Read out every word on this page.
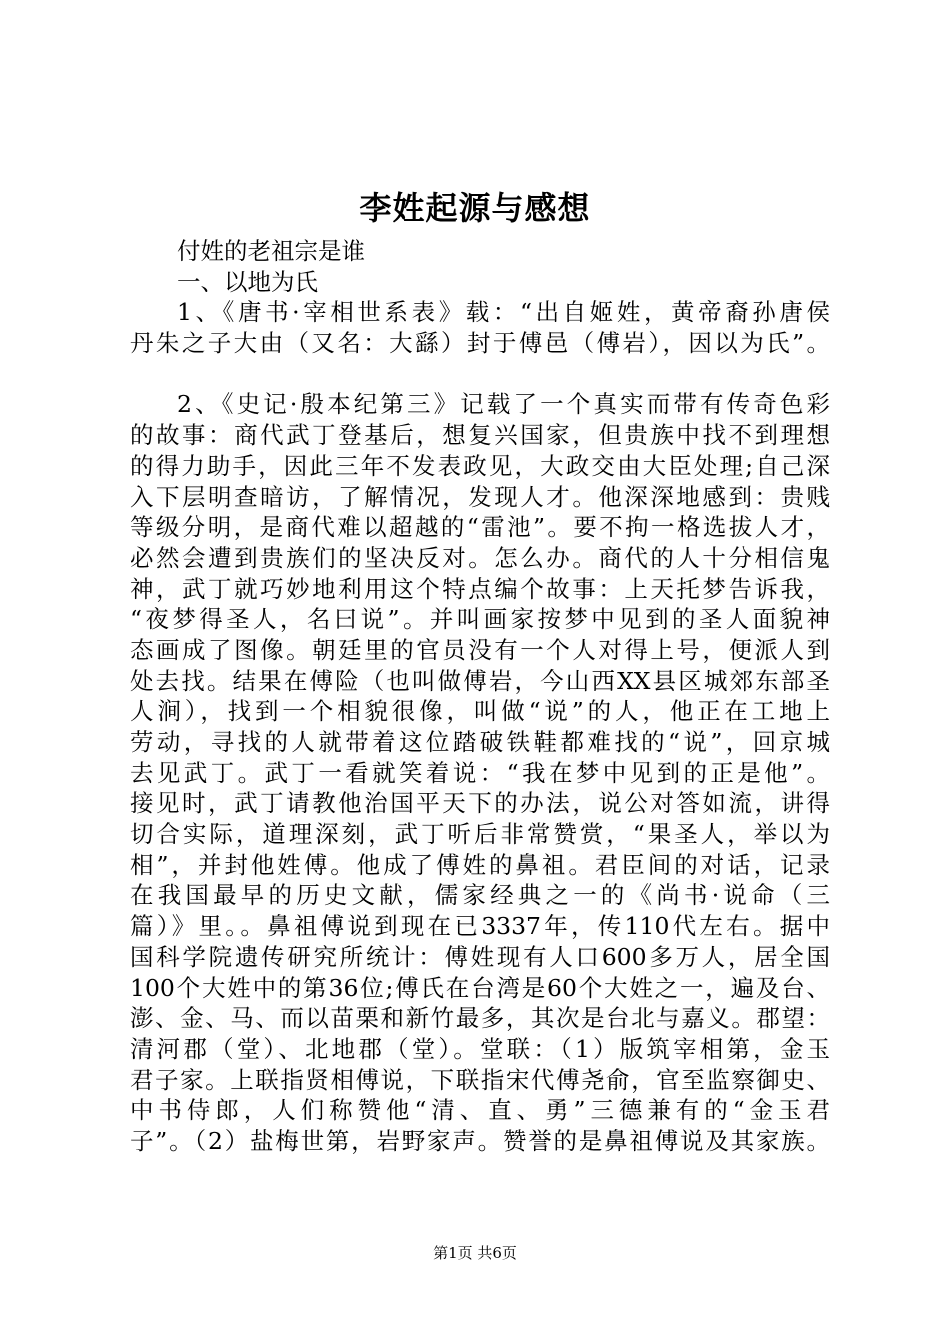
李姓起源与感想
付姓的老祖宗是谁
一、以地为氏
1、《唐书·宰相世系表》载：“出自姬姓，黄帝裔孙唐侯
丹朱之子大由（又名：大繇）封于傅邑（傅岩），因以为氏”。
2、《史记·殷本纪第三》记载了一个真实而带有传奇色彩
的故事：商代武丁登基后，想复兴国家，但贵族中找不到理想
的得力助手，因此三年不发表政见，大政交由大臣处理;自己深
入下层明查暗访，了解情况，发现人才。他深深地感到：贵贱
等级分明，是商代难以超越的“雷池”。要不拘一格选拔人才，
必然会遭到贵族们的坚决反对。怎么办。商代的人十分相信鬼
神，武丁就巧妙地利用这个特点编个故事：上天托梦告诉我，
“夜梦得圣人，名曰说”。并叫画家按梦中见到的圣人面貌神
态画成了图像。朝廷里的官员没有一个人对得上号，便派人到
处去找。结果在傅险（也叫做傅岩，今山西XX县区城郊东部圣
人涧），找到一个相貌很像，叫做“说”的人，他正在工地上
劳动，寻找的人就带着这位踏破铁鞋都难找的“说”，回京城
去见武丁。武丁一看就笑着说：“我在梦中见到的正是他”。
接见时，武丁请教他治国平天下的办法，说公对答如流，讲得
切合实际，道理深刻，武丁听后非常赞赏，“果圣人，举以为
相”，并封他姓傅。他成了傅姓的鼻祖。君臣间的对话，记录
在我国最早的历史文献，儒家经典之一的《尚书·说命（三
篇）》里。。鼻祖傅说到现在已3337年，传110代左右。据中
国科学院遗传研究所统计：傅姓现有人口600多万人，居全国
100个大姓中的第36位;傅氏在台湾是60个大姓之一，遍及台、
澎、金、马、而以苗栗和新竹最多，其次是台北与嘉义。郡望：
清河郡（堂）、北地郡（堂）。堂联：（1）版筑宰相第，金玉
君子家。上联指贤相傅说，下联指宋代傅尧俞，官至监察御史、
中书侍郎，人们称赞他“清、直、勇”三德兼有的“金玉君
子”。（2）盐梅世第，岩野家声。赞誉的是鼻祖傅说及其家族。
第1页 共6页
